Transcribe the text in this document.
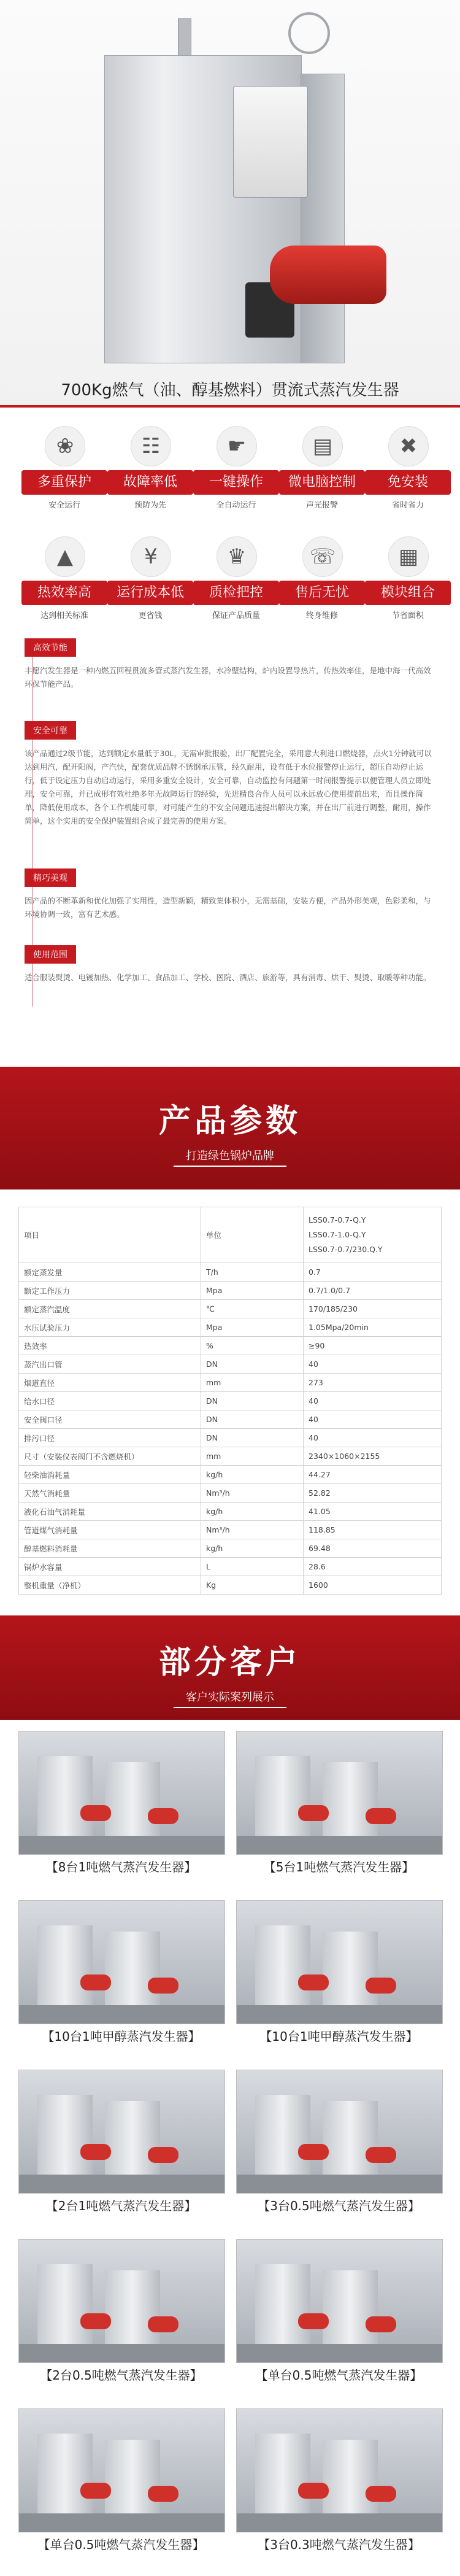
700Kg燃气（油、醇基燃料）贯流式蒸汽发生器
❀
多重保护
安全运行
☷
故障率低
预防为先
☛
一键操作
全自动运行
▤
微电脑控制
声光报警
✖
免安装
省时省力
▲
热效率高
达到相关标准
¥
运行成本低
更省钱
♛
质检把控
保证产品质量
☏
售后无忧
终身维修
▦
模块组合
节省面积
高效节能
丰愿汽发生器是一种内燃五回程贯流多管式蒸汽发生器，水冷壁结构，炉内设置导热片，传热效率佳，是地中海一代高效环保节能产品。
安全可靠
该产品通过2级节能，达到额定水量低于30L，无需审批报验，出厂配置完全，采用意大利进口燃烧器，点火1分钟就可以达到用汽，配开阳阀，产汽快，配套优质品牌不锈钢承压管，经久耐用，设有低于水位报警停止运行，超压自动停止运行，低于设定压力自动启动运行，采用多重安全设计，安全可靠，自动监控有问题第一时间报警提示以便管理人员立即处理，安全可靠，并已成形有效杜绝多年无故障运行的经验，先进精良合作人员可以永远放心使用提前出来，而且操作简单，降低使用成本，各个工作机能可靠，对可能产生的不安全问题迅速提出解决方案，并在出厂前进行调整，耐用，操作简单，这个实用的安全保护装置组合成了最完善的使用方案。
精巧美观
因产品的不断革新和优化加强了实用性，造型新颖，精致集体积小，无需基础，安装方便，产品外形美观，色彩柔和，与环境协调一致，富有艺术感。
使用范围
适合服装熨烫、电镀加热、化学加工、食品加工、学校、医院、酒店、旅游等，具有消毒、烘干、熨烫、取暖等种功能。
产品参数
打造绿色锅炉品牌
项目	单位	LSS0.7-0.7-Q.Y
LSS0.7-1.0-Q.Y
LSS0.7-0.7/230.Q.Y

额定蒸发量	T/h	0.7
额定工作压力	Mpa	0.7/1.0/0.7
额定蒸汽温度	℃	170/185/230
水压试验压力	Mpa	1.05Mpa/20min
热效率	%	≥90
蒸汽出口管	DN	40
烟道直径	mm	273
给水口径	DN	40
安全阀口径	DN	40
排污口径	DN	40
尺寸（安装仪表阀门不含燃烧机）	mm	2340×1060×2155
轻柴油消耗量	kg/h	44.27
天然气消耗量	Nm³/h	52.82
液化石油气消耗量	kg/h	41.05
管道煤气消耗量	Nm³/h	118.85
醇基燃料消耗量	kg/h	69.48
锅炉水容量	L	28.6
整机重量（净机）	Kg	1600
部分客户
客户实际案列展示
【8台1吨燃气蒸汽发生器】	【5台1吨燃气蒸汽发生器】
【10台1吨甲醇蒸汽发生器】	【10台1吨甲醇蒸汽发生器】
【2台1吨燃气蒸汽发生器】	【3台0.5吨燃气蒸汽发生器】
【2台0.5吨燃气蒸汽发生器】	【单台0.5吨燃气蒸汽发生器】
【单台0.5吨燃气蒸汽发生器】	【3台0.3吨燃气蒸汽发生器】
